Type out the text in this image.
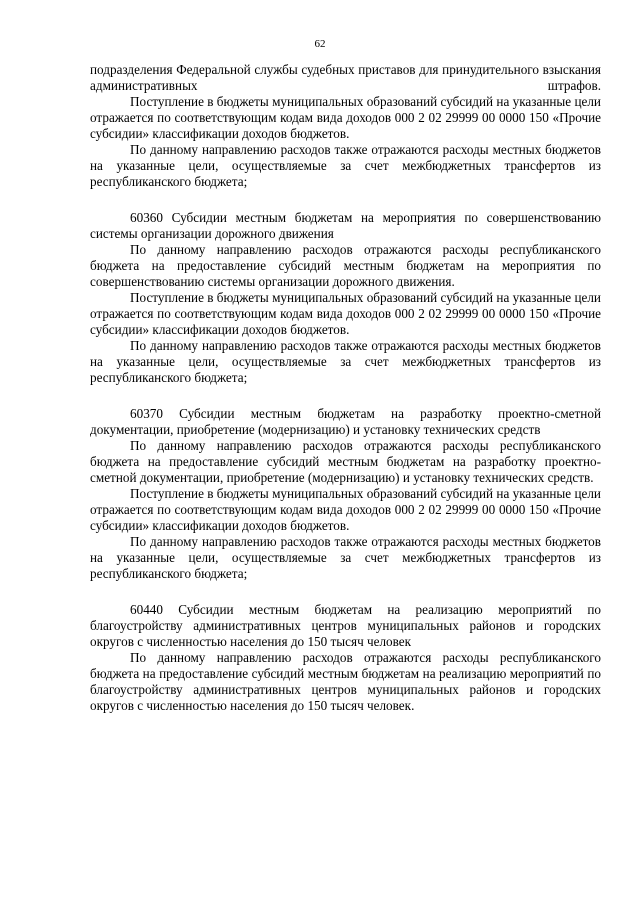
62

подразделения Федеральной службы судебных приставов для принудительного взыскания административных штрафов.

Поступление в бюджеты муниципальных образований субсидий на указанные цели отражается по соответствующим кодам вида доходов 000 2 02 29999 00 0000 150 «Прочие субсидии» классификации доходов бюджетов.

По данному направлению расходов также отражаются расходы местных бюджетов на указанные цели, осуществляемые за счет межбюджетных трансфертов из республиканского бюджета;

60360 Субсидии местным бюджетам на мероприятия по совершенствованию системы организации дорожного движения

По данному направлению расходов отражаются расходы республиканского бюджета на предоставление субсидий местным бюджетам на мероприятия по совершенствованию системы организации дорожного движения.

Поступление в бюджеты муниципальных образований субсидий на указанные цели отражается по соответствующим кодам вида доходов 000 2 02 29999 00 0000 150 «Прочие субсидии» классификации доходов бюджетов.

По данному направлению расходов также отражаются расходы местных бюджетов на указанные цели, осуществляемые за счет межбюджетных трансфертов из республиканского бюджета;

60370 Субсидии местным бюджетам на разработку проектно-сметной документации, приобретение (модернизацию) и установку технических средств

По данному направлению расходов отражаются расходы республиканского бюджета на предоставление субсидий местным бюджетам на разработку проектно-сметной документации, приобретение (модернизацию) и установку технических средств.

Поступление в бюджеты муниципальных образований субсидий на указанные цели отражается по соответствующим кодам вида доходов 000 2 02 29999 00 0000 150 «Прочие субсидии» классификации доходов бюджетов.

По данному направлению расходов также отражаются расходы местных бюджетов на указанные цели, осуществляемые за счет межбюджетных трансфертов из республиканского бюджета;

60440 Субсидии местным бюджетам на реализацию мероприятий по благоустройству административных центров муниципальных районов и городских округов с численностью населения до 150 тысяч человек

По данному направлению расходов отражаются расходы республиканского бюджета на предоставление субсидий местным бюджетам на реализацию мероприятий по благоустройству административных центров муниципальных районов и городских округов с численностью населения до 150 тысяч человек.
